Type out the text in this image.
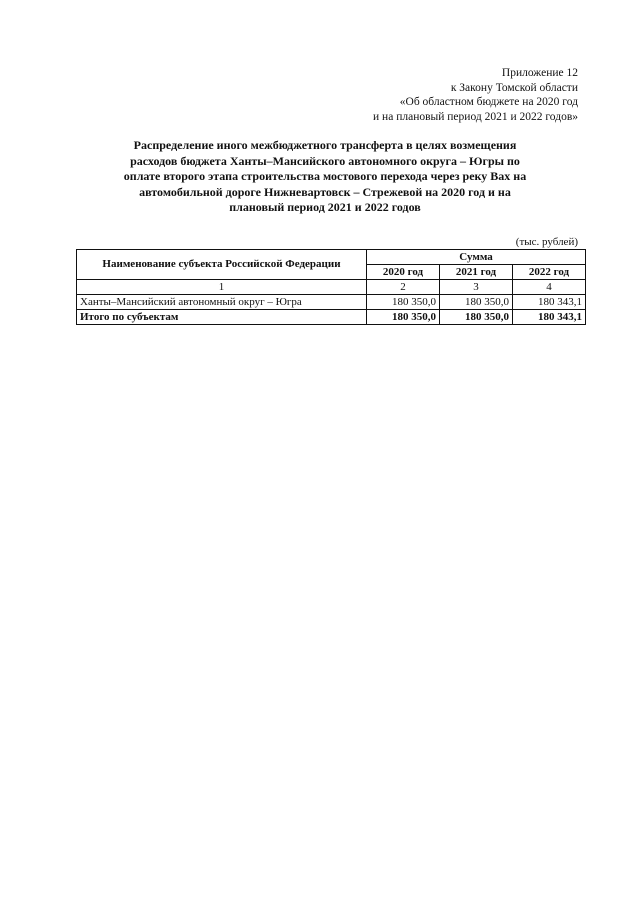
Приложение 12
к Закону Томской области
«Об областном бюджете на 2020 год
и на плановый период 2021 и 2022 годов»
Распределение иного межбюджетного трансферта в целях возмещения
расходов бюджета Ханты–Мансийского автономного округа – Югры по
оплате второго этапа строительства мостового перехода через реку Вах на
автомобильной дороге Нижневартовск – Стрежевой на 2020 год и на
плановый период 2021 и 2022 годов
(тыс. рублей)
Наименование субъекта Российской Федерации	Сумма		
	2020 год	2021 год	2022 год
1	2	3	4
Ханты–Мансийский автономный округ – Югра	180 350,0	180 350,0	180 343,1
Итого по субъектам	180 350,0	180 350,0	180 343,1
